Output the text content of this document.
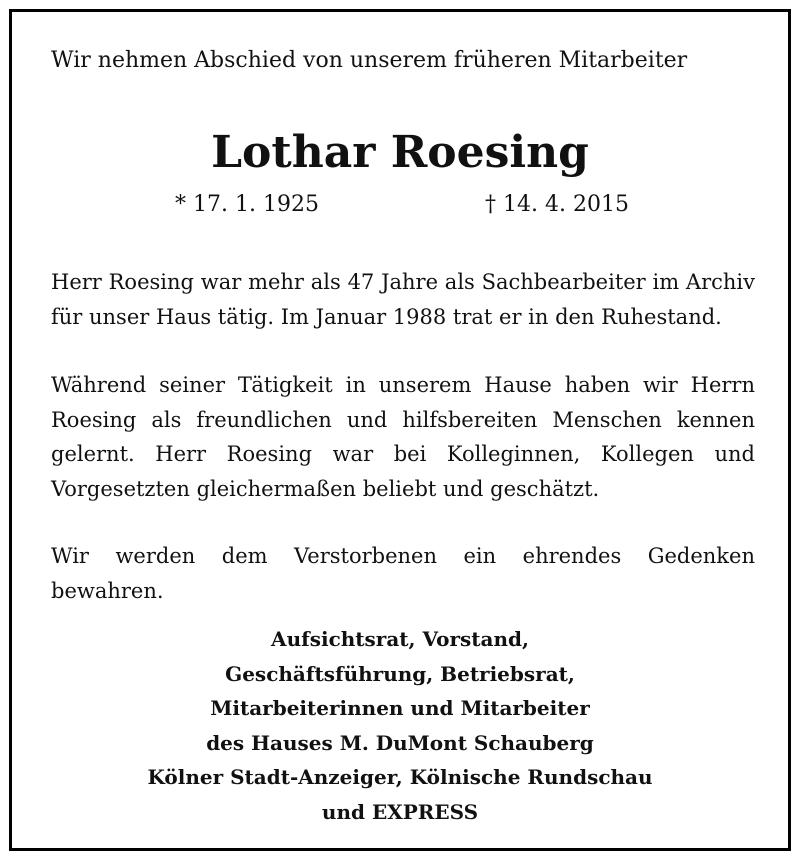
Wir nehmen Abschied von unserem früheren Mitarbeiter
Lothar Roesing
* 17. 1. 1925	† 14. 4. 2015

Herr Roesing war mehr als 47 Jahre als Sachbearbeiter im Archiv für unser Haus tätig. Im Januar 1988 trat er in den Ruhestand.

Während seiner Tätigkeit in unserem Hause haben wir Herrn Roesing als freundlichen und hilfsbereiten Menschen kennen gelernt. Herr Roesing war bei Kolleginnen, Kollegen und Vorgesetzten gleichermaßen beliebt und geschätzt.

Wir werden dem Verstorbenen ein ehrendes Gedenken bewahren.

Aufsichtsrat, Vorstand,
Geschäftsführung, Betriebsrat,
Mitarbeiterinnen und Mitarbeiter
des Hauses M. DuMont Schauberg
Kölner Stadt-Anzeiger, Kölnische Rundschau
und EXPRESS
